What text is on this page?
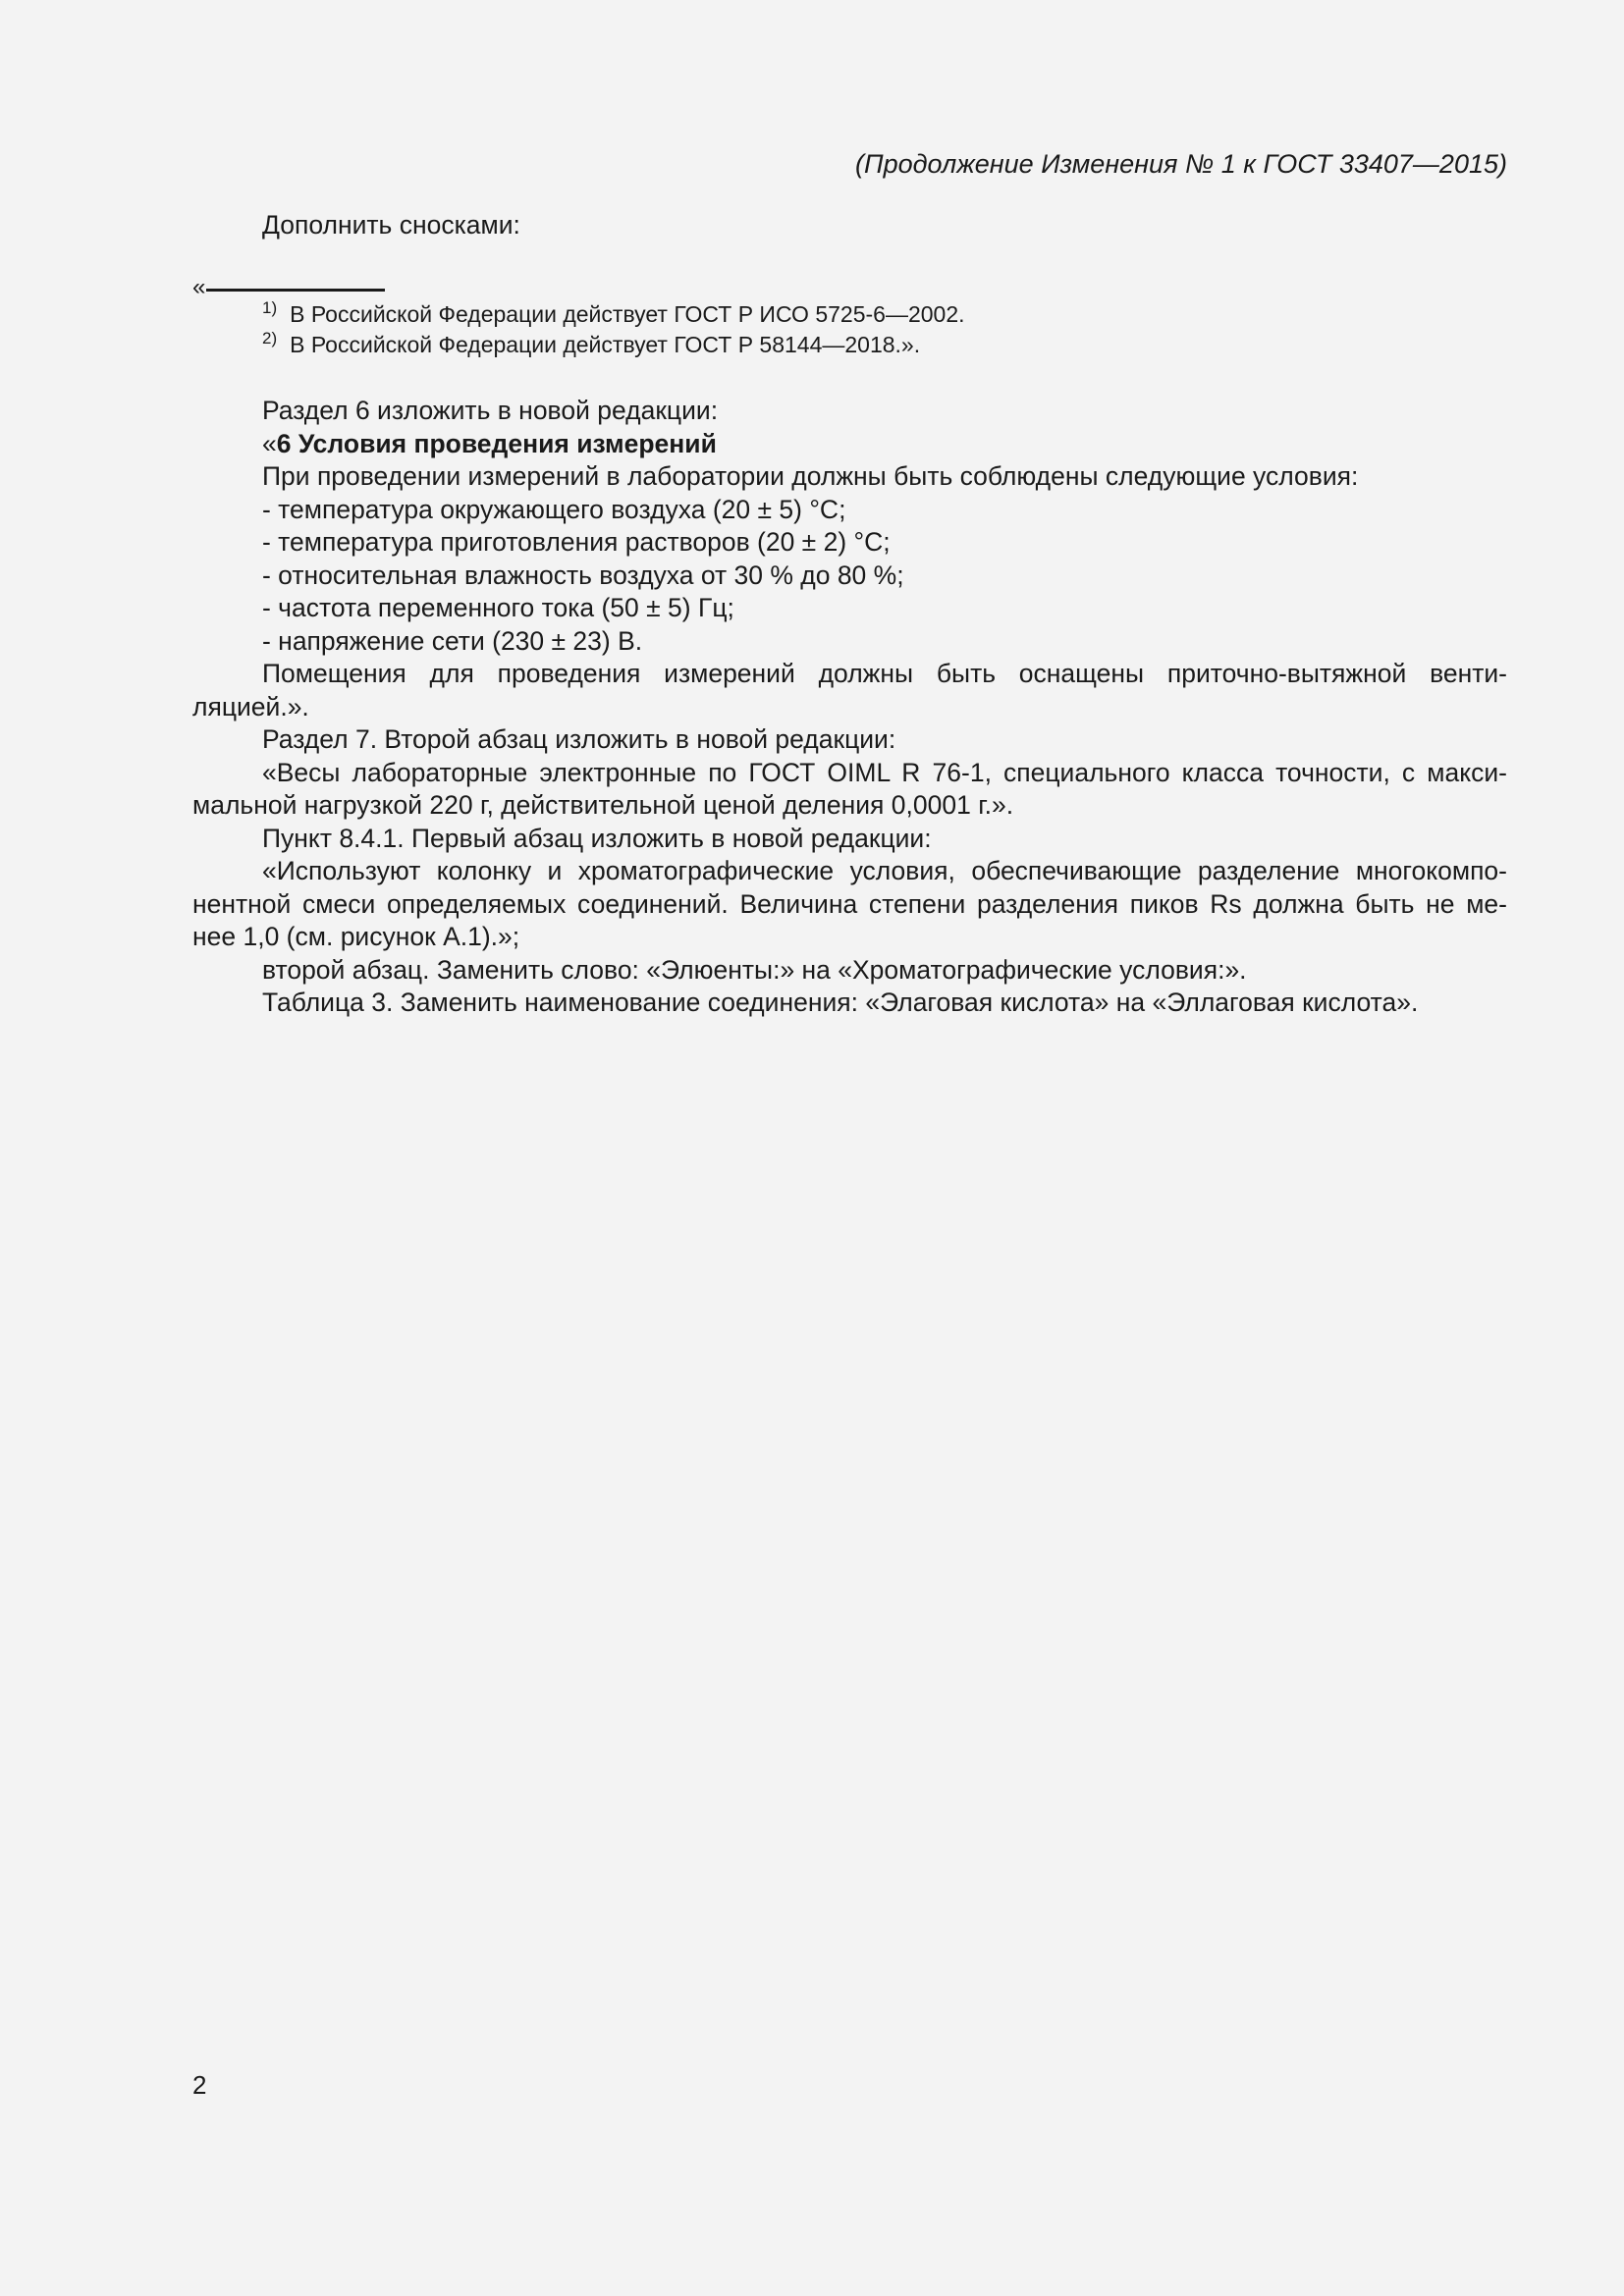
(Продолжение Изменения № 1 к ГОСТ 33407—2015)

Дополнить сносками:

«
$^{1)}$ В Российской Федерации действует ГОСТ Р ИСО 5725-6—2002.
$^{2)}$ В Российской Федерации действует ГОСТ Р 58144—2018.».

Раздел 6 изложить в новой редакции:

«6 Условия проведения измерений

При проведении измерений в лаборатории должны быть соблюдены следующие условия:

- температура окружающего воздуха (20 ± 5) °С;

- температура приготовления растворов (20 ± 2) °С;

- относительная влажность воздуха от 30 % до 80 %;

- частота переменного тока (50 ± 5) Гц;

- напряжение сети (230 ± 23) В.

Помещения для проведения измерений должны быть оснащены приточно-вытяжной венти-

ляцией.».

Раздел 7. Второй абзац изложить в новой редакции:

«Весы лабораторные электронные по ГОСТ OIML R 76-1, специального класса точности, с макси-

мальной нагрузкой 220 г, действительной ценой деления 0,0001 г.».

Пункт 8.4.1. Первый абзац изложить в новой редакции:

«Используют колонку и хроматографические условия, обеспечивающие разделение многокомпо-

нентной смеси определяемых соединений. Величина степени разделения пиков Rs должна быть не ме-

нее 1,0 (см. рисунок А.1).»;

второй абзац. Заменить слово: «Элюенты:» на «Хроматографические условия:».

Таблица 3. Заменить наименование соединения: «Элаговая кислота» на «Эллаговая кислота».

2
